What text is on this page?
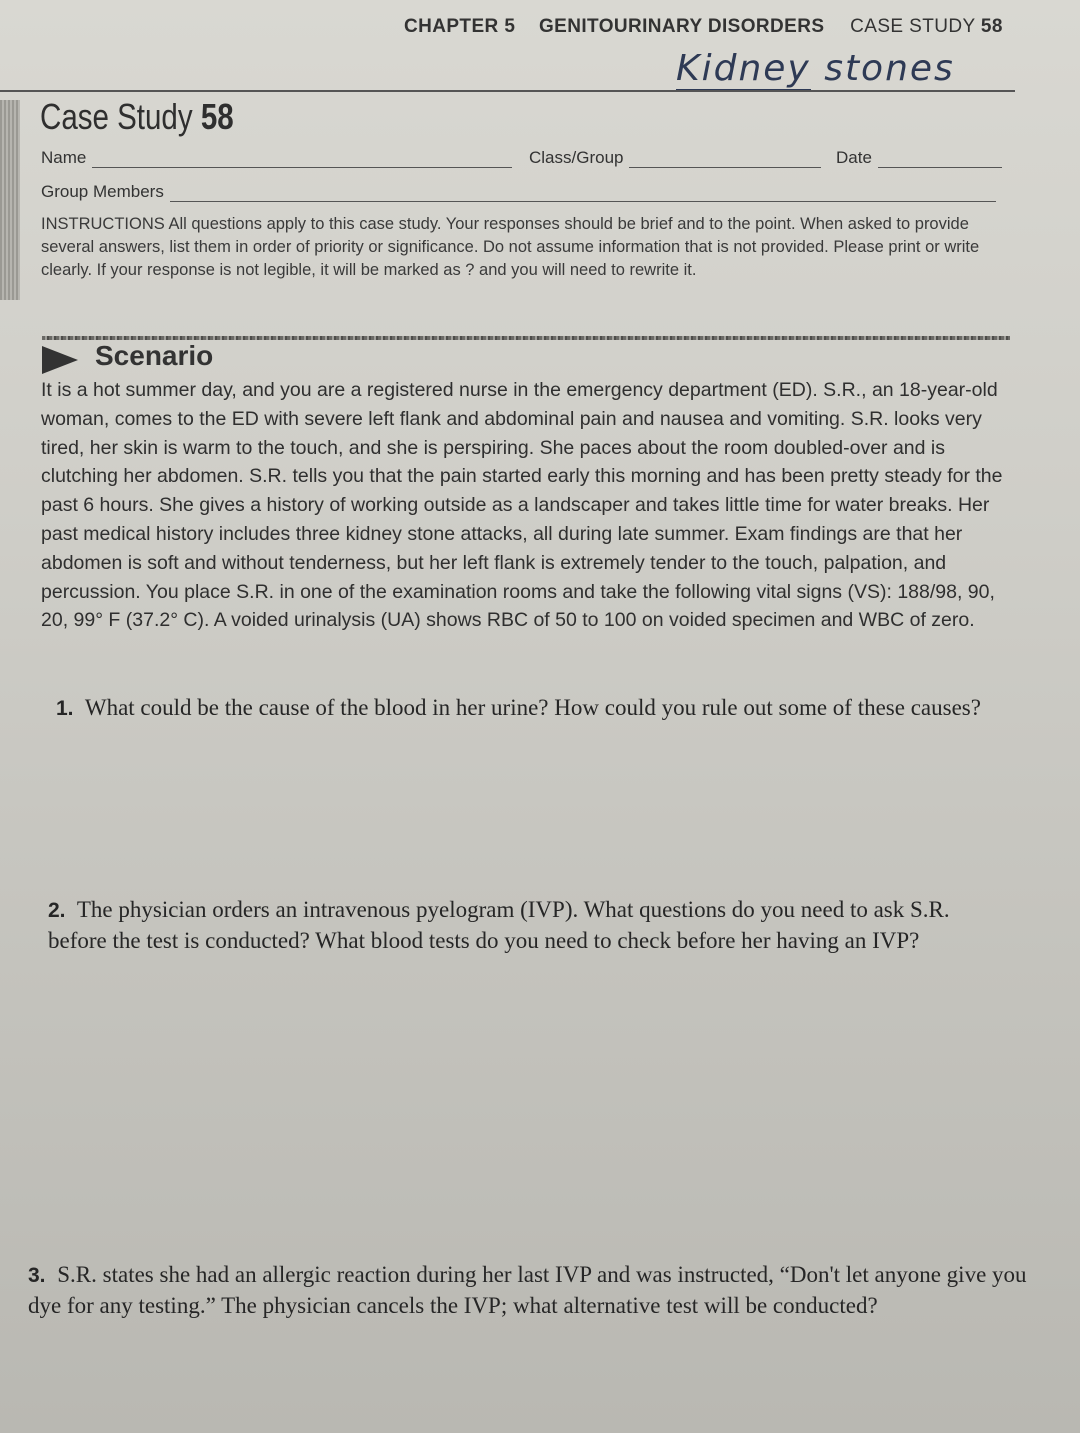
CHAPTER 5 GENITOURINARY DISORDERS CASE STUDY 58
Kidney stones
Case Study 58
Name	Class/Group	Date
Group Members
INSTRUCTIONS All questions apply to this case study. Your responses should be brief and to the point. When asked to provide several answers, list them in order of priority or significance. Do not assume information that is not provided. Please print or write clearly. If your response is not legible, it will be marked as ? and you will need to rewrite it.
Scenario
It is a hot summer day, and you are a registered nurse in the emergency department (ED). S.R., an 18-year-old woman, comes to the ED with severe left flank and abdominal pain and nausea and vomiting. S.R. looks very tired, her skin is warm to the touch, and she is perspiring. She paces about the room doubled-over and is clutching her abdomen. S.R. tells you that the pain started early this morning and has been pretty steady for the past 6 hours. She gives a history of working outside as a landscaper and takes little time for water breaks. Her past medical history includes three kidney stone attacks, all during late summer. Exam findings are that her abdomen is soft and without tenderness, but her left flank is extremely tender to the touch, palpation, and percussion. You place S.R. in one of the examination rooms and take the following vital signs (VS): 188/98, 90, 20, 99° F (37.2° C). A voided urinalysis (UA) shows RBC of 50 to 100 on voided specimen and WBC of zero.
1. What could be the cause of the blood in her urine? How could you rule out some of these causes?
2. The physician orders an intravenous pyelogram (IVP). What questions do you need to ask S.R. before the test is conducted? What blood tests do you need to check before her having an IVP?
3. S.R. states she had an allergic reaction during her last IVP and was instructed, “Don't let anyone give you dye for any testing.” The physician cancels the IVP; what alternative test will be conducted?
